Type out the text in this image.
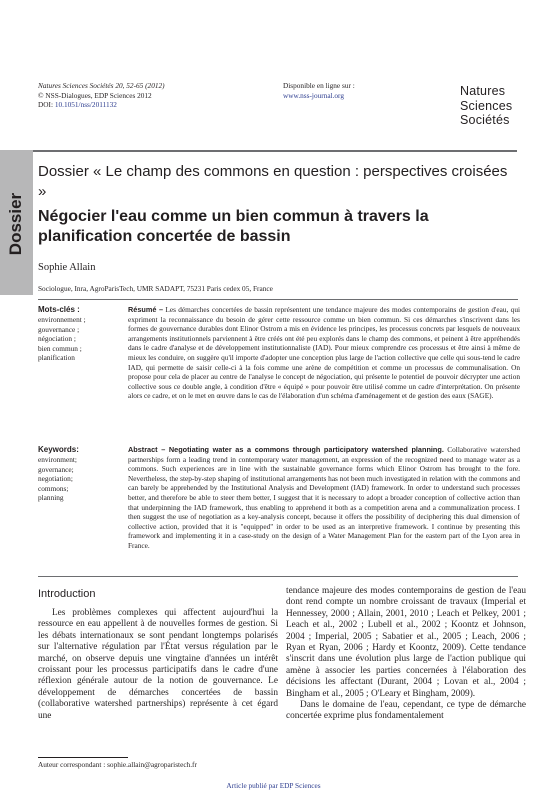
Natures Sciences Sociétés 20, 52-65 (2012)
© NSS-Dialogues, EDP Sciences 2012
DOI: 10.1051/nss/2011132
Disponible en ligne sur :
www.nss-journal.org	Natures
Sciences
Sociétés
Dossier
Dossier « Le champ des commons en question : perspectives croisées »
Négocier l'eau comme un bien commun à travers la planification concertée de bassin
Sophie Allain
Sociologue, Inra, AgroParisTech, UMR SADAPT, 75231 Paris cedex 05, France
Mots-clés :
environnement ;
gouvernance ;
négociation ;
bien commun ;
planification
Résumé – Les démarches concertées de bassin représentent une tendance majeure des modes contemporains de gestion d'eau, qui expriment la reconnaissance du besoin de gérer cette ressource comme un bien commun. Si ces démarches s'inscrivent dans les formes de gouvernance durables dont Elinor Ostrom a mis en évidence les principes, les processus concrets par lesquels de nouveaux arrangements institutionnels parviennent à être créés ont été peu explorés dans le champ des commons, et peinent à être appréhendés dans le cadre d'analyse et de développement institutionnaliste (IAD). Pour mieux comprendre ces processus et être ainsi à même de mieux les conduire, on suggère qu'il importe d'adopter une conception plus large de l'action collective que celle qui sous-tend le cadre IAD, qui permette de saisir celle-ci à la fois comme une arène de compétition et comme un processus de communalisation. On propose pour cela de placer au centre de l'analyse le concept de négociation, qui présente le potentiel de pouvoir décrypter une action collective sous ce double angle, à condition d'être « équipé » pour pouvoir être utilisé comme un cadre d'interprétation. On présente alors ce cadre, et on le met en œuvre dans le cas de l'élaboration d'un schéma d'aménagement et de gestion des eaux (SAGE).
Keywords:
environment;
governance;
negotiation;
commons;
planning
Abstract – Negotiating water as a commons through participatory watershed planning. Collaborative watershed partnerships form a leading trend in contemporary water management, an expression of the recognized need to manage water as a commons. Such experiences are in line with the sustainable governance forms which Elinor Ostrom has brought to the fore. Nevertheless, the step-by-step shaping of institutional arrangements has not been much investigated in relation with the commons and can barely be apprehended by the Institutional Analysis and Development (IAD) framework. In order to understand such processes better, and therefore be able to steer them better, I suggest that it is necessary to adopt a broader conception of collective action than that underpinning the IAD framework, thus enabling to apprehend it both as a competition arena and a communalization process. I then suggest the use of negotiation as a key-analysis concept, because it offers the possibility of deciphering this dual dimension of collective action, provided that it is "equipped" in order to be used as an interpretive framework. I continue by presenting this framework and implementing it in a case-study on the design of a Water Management Plan for the eastern part of the Lyon area in France.
Introduction

Les problèmes complexes qui affectent aujourd'hui la ressource en eau appellent à de nouvelles formes de gestion. Si les débats internationaux se sont pendant longtemps polarisés sur l'alternative régulation par l'État versus régulation par le marché, on observe depuis une vingtaine d'années un intérêt croissant pour les processus participatifs dans le cadre d'une réflexion générale autour de la notion de gouvernance. Le développement de démarches concertées de bassin (collaborative watershed partnerships) représente à cet égard une

tendance majeure des modes contemporains de gestion de l'eau dont rend compte un nombre croissant de travaux (Imperial et Hennessey, 2000 ; Allain, 2001, 2010 ; Leach et Pelkey, 2001 ; Leach et al., 2002 ; Lubell et al., 2002 ; Koontz et Johnson, 2004 ; Imperial, 2005 ; Sabatier et al., 2005 ; Leach, 2006 ; Ryan et Ryan, 2006 ; Hardy et Koontz, 2009). Cette tendance s'inscrit dans une évolution plus large de l'action publique qui amène à associer les parties concernées à l'élaboration des décisions les affectant (Durant, 2004 ; Lovan et al., 2004 ; Bingham et al., 2005 ; O'Leary et Bingham, 2009).

Dans le domaine de l'eau, cependant, ce type de démarche concertée exprime plus fondamentalement

Auteur correspondant : sophie.allain@agroparistech.fr
Article publié par EDP Sciences
